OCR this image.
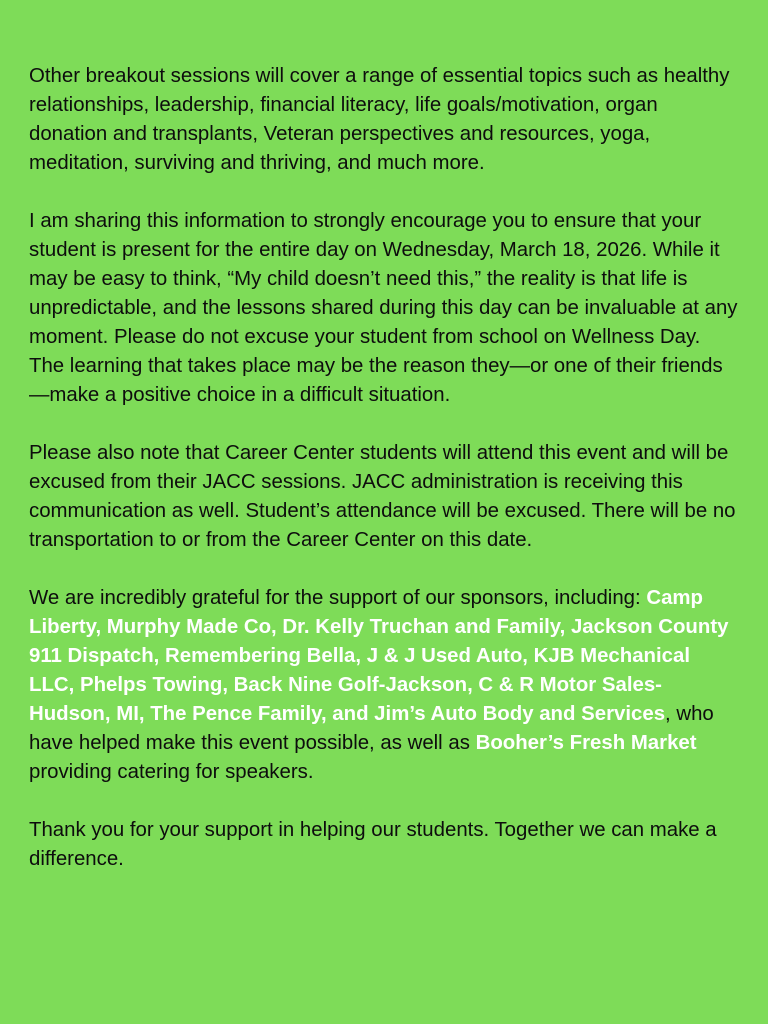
Other breakout sessions will cover a range of essential topics such as healthy relationships, leadership, financial literacy, life goals/motivation, organ donation and transplants, Veteran perspectives and resources, yoga, meditation, surviving and thriving, and much more.

I am sharing this information to strongly encourage you to ensure that your student is present for the entire day on Wednesday, March 18, 2026. While it may be easy to think, “My child doesn’t need this,” the reality is that life is unpredictable, and the lessons shared during this day can be invaluable at any moment. Please do not excuse your student from school on Wellness Day. The learning that takes place may be the reason they—or one of their friends—make a positive choice in a difficult situation.

Please also note that Career Center students will attend this event and will be excused from their JACC sessions. JACC administration is receiving this communication as well. Student’s attendance will be excused. There will be no transportation to or from the Career Center on this date.

We are incredibly grateful for the support of our sponsors, including: Camp Liberty, Murphy Made Co, Dr. Kelly Truchan and Family, Jackson County 911 Dispatch, Remembering Bella, J & J Used Auto, KJB Mechanical LLC, Phelps Towing, Back Nine Golf-Jackson, C & R Motor Sales-Hudson, MI, The Pence Family, and Jim’s Auto Body and Services, who have helped make this event possible, as well as Booher’s Fresh Market providing catering for speakers.

Thank you for your support in helping our students. Together we can make a difference.
